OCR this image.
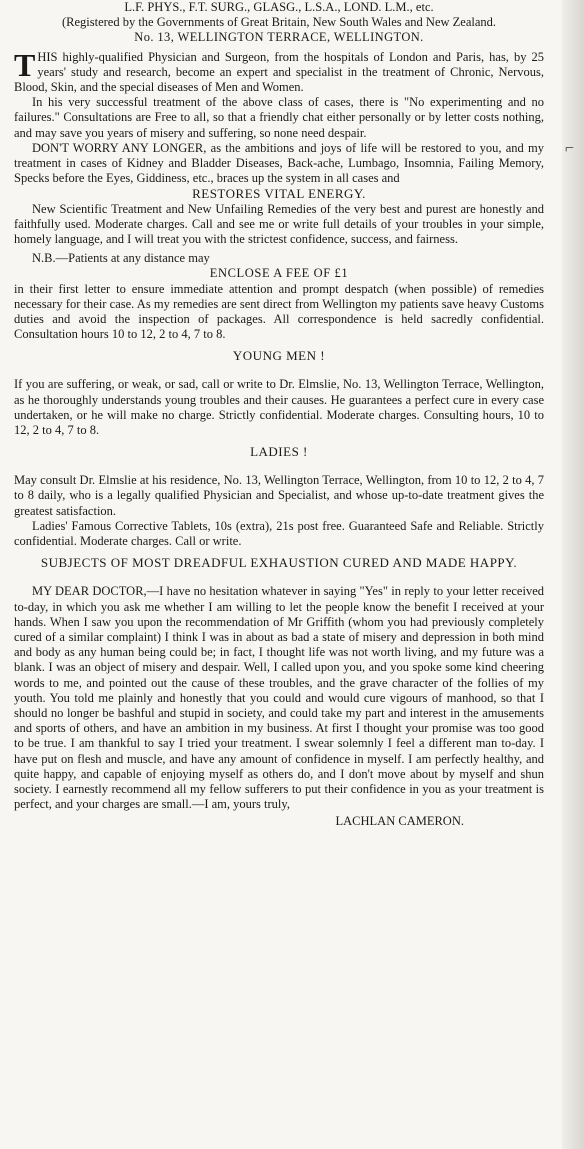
L.F. PHYS., F.T. SURG., GLASG., L.S.A., LOND. L.M., etc.

(Registered by the Governments of Great Britain, New South Wales and New Zealand.

No. 13, WELLINGTON TERRACE, WELLINGTON.

THIS highly-qualified Physician and Surgeon, from the hospitals of London and Paris, has, by 25 years' study and research, become an expert and specialist in the treatment of Chronic, Nervous, Blood, Skin, and the special diseases of Men and Women.

In his very successful treatment of the above class of cases, there is "No experimenting and no failures." Consultations are Free to all, so that a friendly chat either personally or by letter costs nothing, and may save you years of misery and suffering, so none need despair.

DON'T WORRY ANY LONGER, as the ambitions and joys of life will be restored to you, and my treatment in cases of Kidney and Bladder Diseases, Back-ache, Lumbago, Insomnia, Failing Memory, Specks before the Eyes, Giddiness, etc., braces up the system in all cases and

RESTORES VITAL ENERGY.

New Scientific Treatment and New Unfailing Remedies of the very best and purest are honestly and faithfully used. Moderate charges. Call and see me or write full details of your troubles in your simple, homely language, and I will treat you with the strictest confidence, success, and fairness.

N.B.—Patients at any distance may

ENCLOSE A FEE OF £1

in their first letter to ensure immediate attention and prompt despatch (when possible) of remedies necessary for their case. As my remedies are sent direct from Wellington my patients save heavy Customs duties and avoid the inspection of packages. All correspondence is held sacredly confidential. Consultation hours 10 to 12, 2 to 4, 7 to 8.

YOUNG MEN !

If you are suffering, or weak, or sad, call or write to Dr. Elmslie, No. 13, Wellington Terrace, Wellington, as he thoroughly understands young troubles and their causes. He guarantees a perfect cure in every case undertaken, or he will make no charge. Strictly confidential. Moderate charges. Consulting hours, 10 to 12, 2 to 4, 7 to 8.

LADIES !

May consult Dr. Elmslie at his residence, No. 13, Wellington Terrace, Wellington, from 10 to 12, 2 to 4, 7 to 8 daily, who is a legally qualified Physician and Specialist, and whose up-to-date treatment gives the greatest satisfaction.

Ladies' Famous Corrective Tablets, 10s (extra), 21s post free. Guaranteed Safe and Reliable. Strictly confidential. Moderate charges. Call or write.

SUBJECTS OF MOST DREADFUL EXHAUSTION CURED AND MADE HAPPY.

MY DEAR DOCTOR,—I have no hesitation whatever in saying "Yes" in reply to your letter received to-day, in which you ask me whether I am willing to let the people know the benefit I received at your hands. When I saw you upon the recommendation of Mr Griffith (whom you had previously completely cured of a similar complaint) I think I was in about as bad a state of misery and depression in both mind and body as any human being could be; in fact, I thought life was not worth living, and my future was a blank. I was an object of misery and despair. Well, I called upon you, and you spoke some kind cheering words to me, and pointed out the cause of these troubles, and the grave character of the follies of my youth. You told me plainly and honestly that you could and would cure vigours of manhood, so that I should no longer be bashful and stupid in society, and could take my part and interest in the amusements and sports of others, and have an ambition in my business. At first I thought your promise was too good to be true. I am thankful to say I tried your treatment. I swear solemnly I feel a different man to-day. I have put on flesh and muscle, and have any amount of confidence in myself. I am perfectly healthy, and quite happy, and capable of enjoying myself as others do, and I don't move about by myself and shun society. I earnestly recommend all my fellow sufferers to put their confidence in you as your treatment is perfect, and your charges are small.—I am, yours truly,

LACHLAN CAMERON.

⌐
